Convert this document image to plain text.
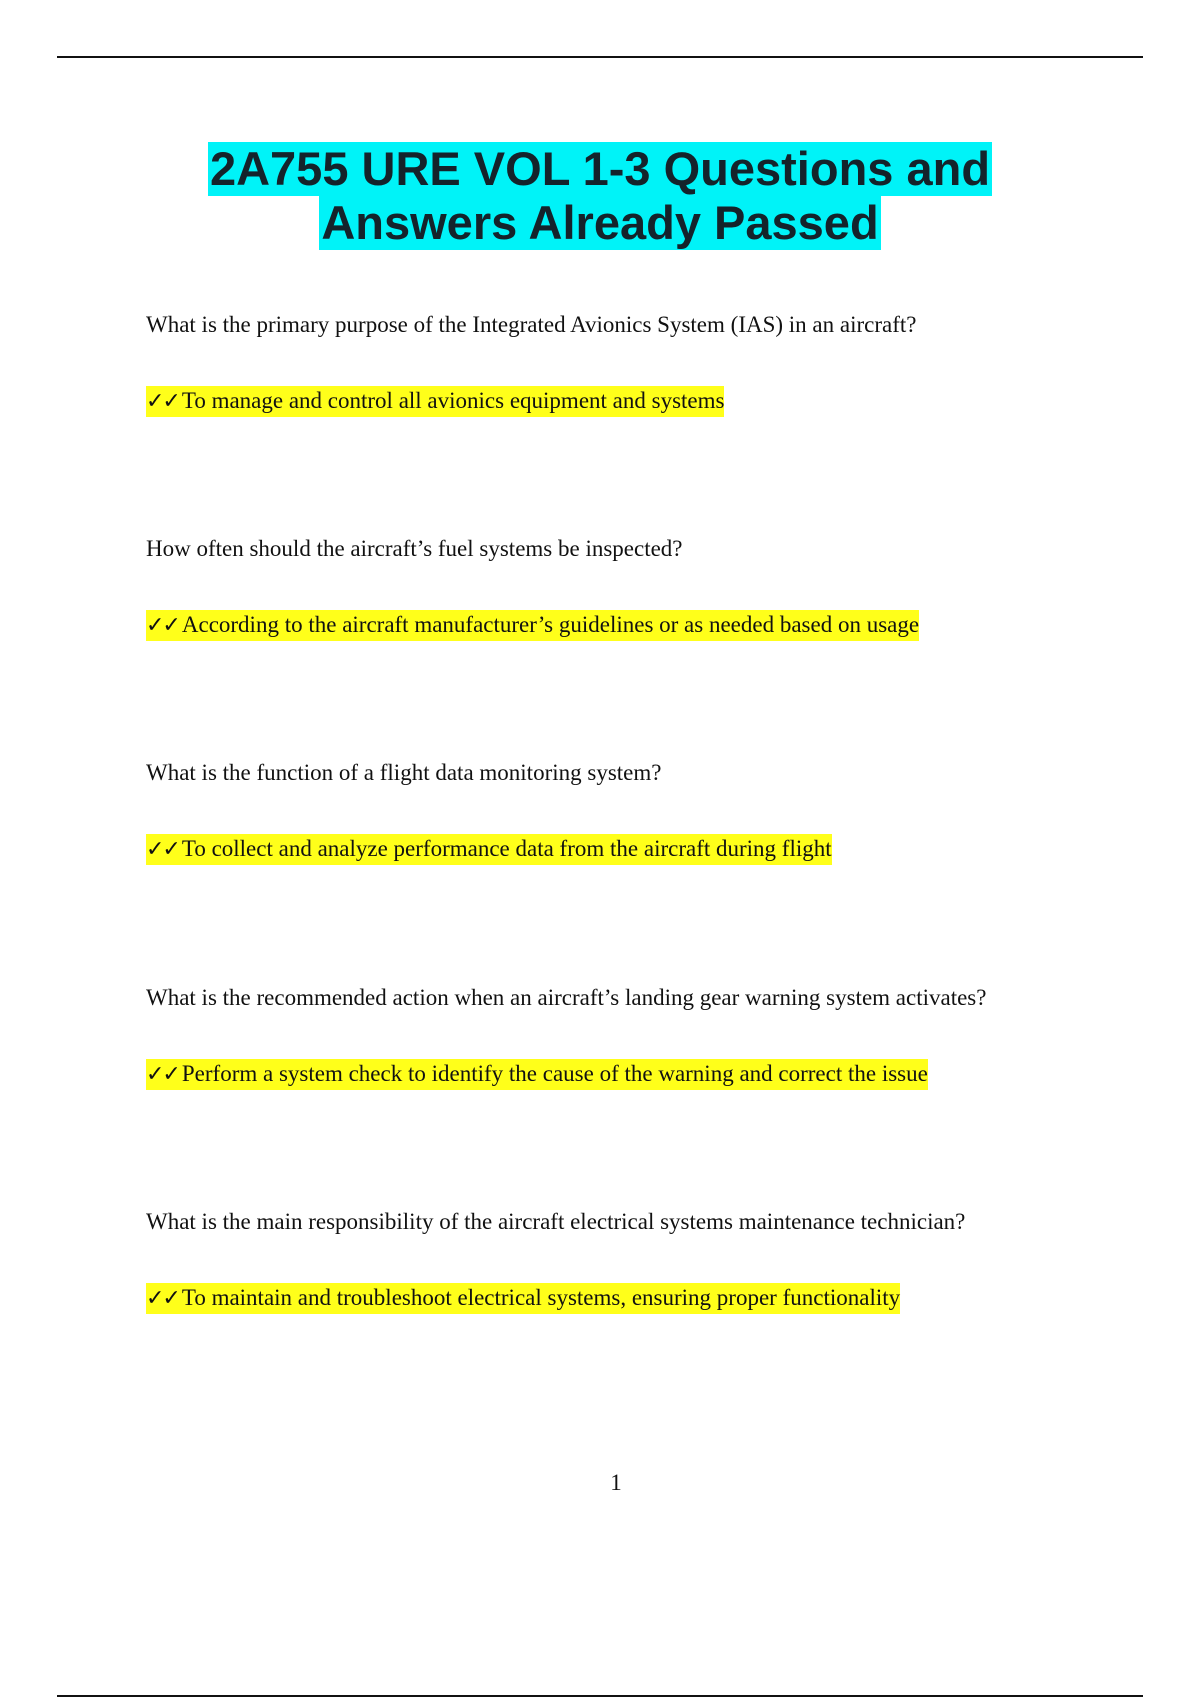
2A755 URE VOL 1-3 Questions and
Answers Already Passed

What is the primary purpose of the Integrated Avionics System (IAS) in an aircraft?

✓✓ To manage and control all avionics equipment and systems

How often should the aircraft’s fuel systems be inspected?

✓✓ According to the aircraft manufacturer’s guidelines or as needed based on usage

What is the function of a flight data monitoring system?

✓✓ To collect and analyze performance data from the aircraft during flight

What is the recommended action when an aircraft’s landing gear warning system activates?

✓✓ Perform a system check to identify the cause of the warning and correct the issue

What is the main responsibility of the aircraft electrical systems maintenance technician?

✓✓ To maintain and troubleshoot electrical systems, ensuring proper functionality
1
